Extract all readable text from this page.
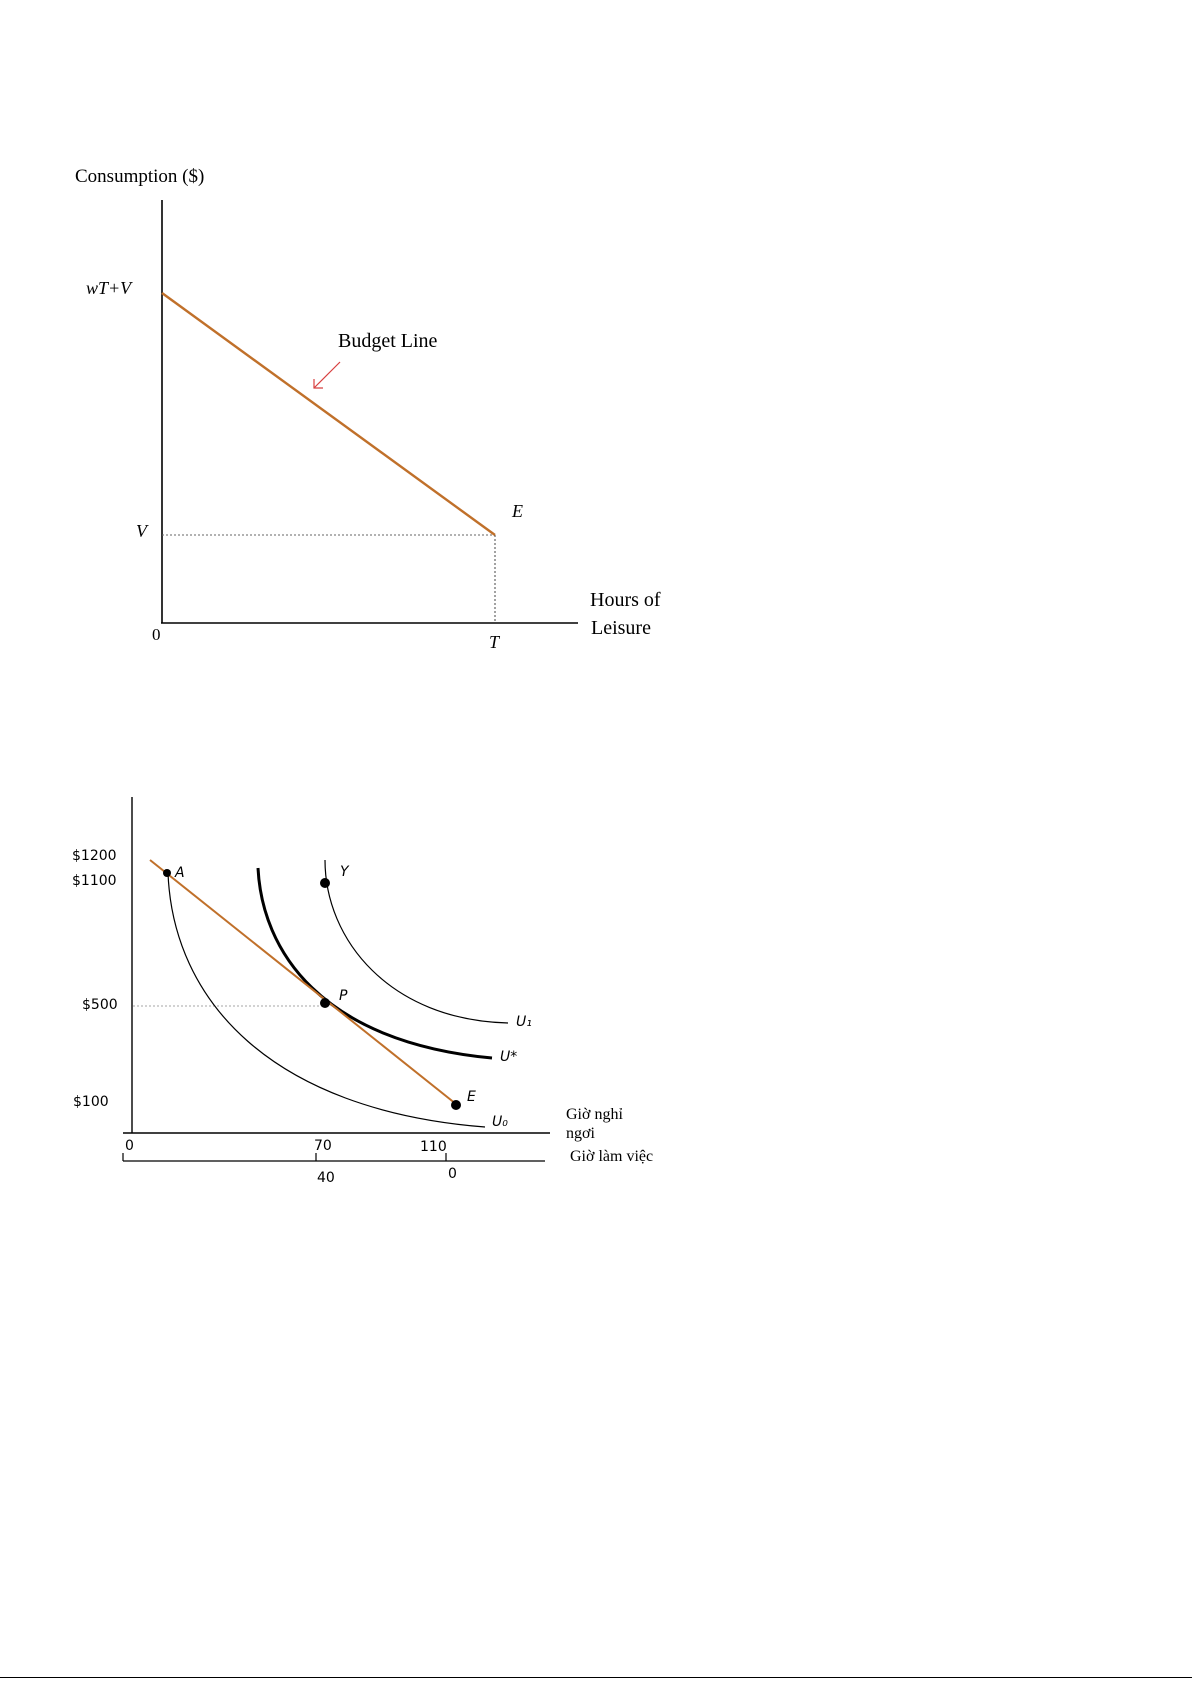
Consumption ($)
0
wT+V
V
T
E
Budget Line
Hours of
Leisure
$1200
$1100
$500
$100
A	Y
P
E
U₁
U*
U₀
0	70	110
Giờ nghỉ
ngơi
40	0
Giờ làm việc
